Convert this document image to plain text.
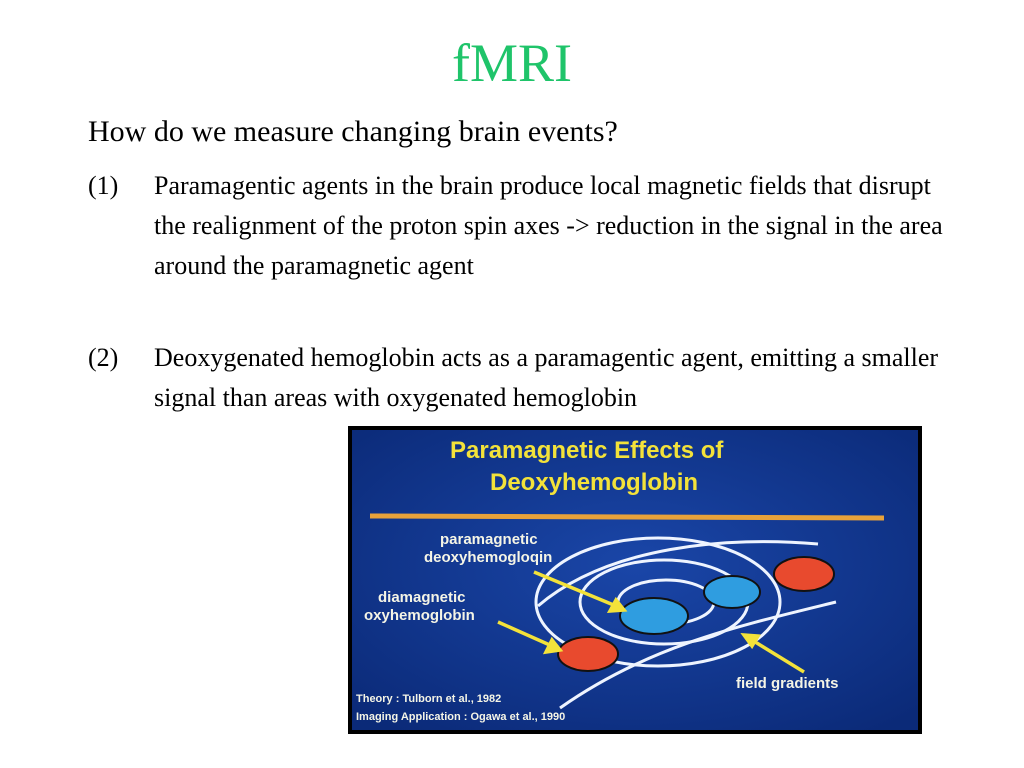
fMRI
How do we measure changing brain events?
(1) Paramagentic agents in the brain produce local magnetic fields that disrupt the realignment of the proton spin axes -> reduction in the signal in the area around the paramagnetic agent
(2) Deoxygenated hemoglobin acts as a paramagentic agent, emitting a smaller signal than areas with oxygenated hemoglobin
Paramagnetic Effects of
Deoxyhemoglobin
paramagnetic
deoxyhemogloqin
diamagnetic
oxyhemoglobin
field gradients
Theory : Tulborn et al., 1982
Imaging Application : Ogawa et al., 1990
